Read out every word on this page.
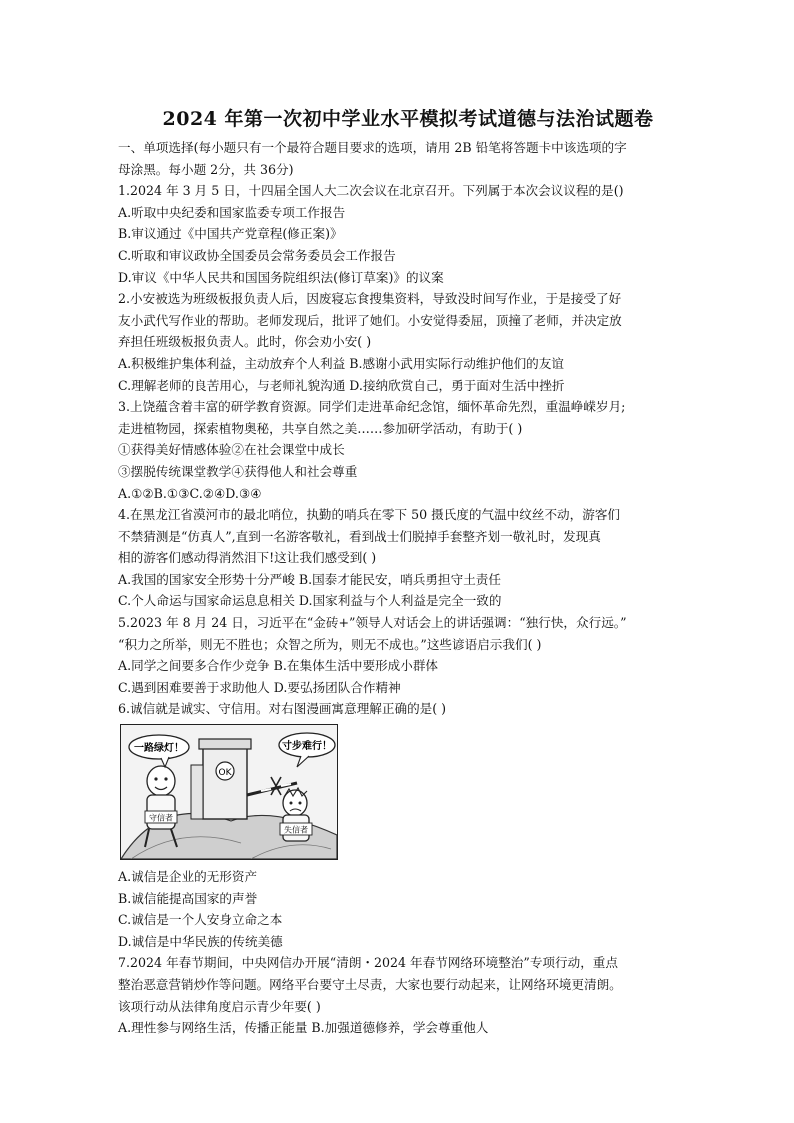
2024 年第一次初中学业水平模拟考试道德与法治试题卷
一、单项选择(每小题只有一个最符合题目要求的选项，请用 2B 铅笔将答题卡中该选项的字
母涂黑。每小题 2分，共 36分)
1.2024 年 3 月 5 日，十四届全国人大二次会议在北京召开。下列属于本次会议议程的是()
A.听取中央纪委和国家监委专项工作报告
B.审议通过《中国共产党章程(修正案)》
C.听取和审议政协全国委员会常务委员会工作报告
D.审议《中华人民共和国国务院组织法(修订草案)》的议案
2.小安被选为班级板报负责人后，因废寝忘食搜集资料，导致没时间写作业，于是接受了好
友小武代写作业的帮助。老师发现后，批评了她们。小安觉得委屈，顶撞了老师，并决定放
弃担任班级板报负责人。此时，你会劝小安( )
A.积极维护集体利益，主动放弃个人利益 B.感谢小武用实际行动维护他们的友谊
C.理解老师的良苦用心，与老师礼貌沟通 D.接纳欣赏自己，勇于面对生活中挫折
3.上饶蕴含着丰富的研学教育资源。同学们走进革命纪念馆，缅怀革命先烈，重温峥嵘岁月;
走进植物园，探索植物奥秘，共享自然之美……参加研学活动，有助于( )
①获得美好情感体验②在社会课堂中成长
③摆脱传统课堂教学④获得他人和社会尊重
A.①②B.①③C.②④D.③④
4.在黑龙江省漠河市的最北哨位，执勤的哨兵在零下 50 摄氏度的气温中纹丝不动，游客们
不禁猜测是“仿真人”,直到一名游客敬礼，看到战士们脱掉手套整齐划一敬礼时，发现真
相的游客们感动得消然泪下!这让我们感受到( )
A.我国的国家安全形势十分严峻 B.国泰才能民安，哨兵勇担守土责任
C.个人命运与国家命运息息相关 D.国家利益与个人利益是完全一致的
5.2023 年 8 月 24 日，习近平在“金砖+”领导人对话会上的讲话强调：“独行快，众行远。”
“积力之所举，则无不胜也；众智之所为，则无不成也。”这些谚语启示我们( )
A.同学之间要多合作少竞争 B.在集体生活中要形成小群体
C.遇到困难要善于求助他人 D.要弘扬团队合作精神
6.诚信就是诚实、守信用。对右图漫画寓意理解正确的是( )
OK
一路绿灯！	寸步难行！
守信者
失信者
A.诚信是企业的无形资产
B.诚信能提高国家的声誉
C.诚信是一个人安身立命之本
D.诚信是中华民族的传统美德
7.2024 年春节期间，中央网信办开展“清朗・2024 年春节网络环境整治”专项行动，重点
整治恶意营销炒作等问题。网络平台要守土尽责，大家也要行动起来，让网络环境更清朗。
该项行动从法律角度启示青少年要( )
A.理性参与网络生活，传播正能量 B.加强道德修养，学会尊重他人
